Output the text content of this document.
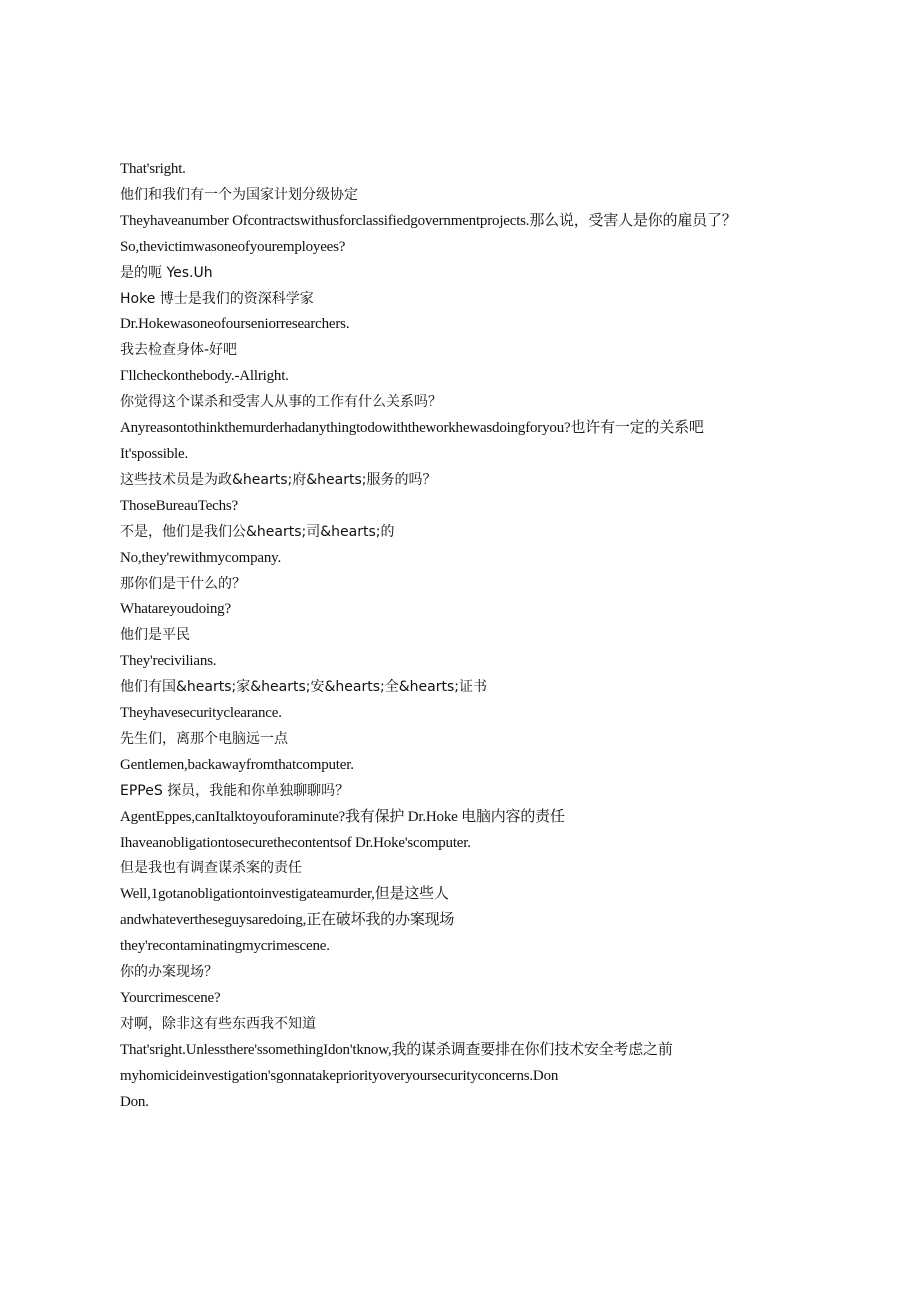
That'sright.
他们和我们有一个为国家计划分级协定
Theyhaveanumber Ofcontractswithusforclassifiedgovernmentprojects.那么说，受害人是你的雇员了？
So,thevictimwasoneofyouremployees?
是的呃 Yes.Uh
Hoke 博士是我们的资深科学家
Dr.Hokewasoneofourseniorresearchers.
我去检查身体-好吧
Γllcheckonthebody.-Allright.
你觉得这个谋杀和受害人从事的工作有什么关系吗？
Anyreasontothinkthemurderhadanythingtodowiththeworkhewasdoingforyou?也许有一定的关系吧
It'spossible.
这些技术员是为政&hearts;府&hearts;服务的吗？
ThoseBureauTechs?
不是，他们是我们公&hearts;司&hearts;的
No,they'rewithmycompany.
那你们是干什么的？
Whatareyoudoing?
他们是平民
They'recivilians.
他们有国&hearts;家&hearts;安&hearts;全&hearts;证书
Theyhavesecurityclearance.
先生们，离那个电脑远一点
Gentlemen,backawayfromthatcomputer.
EPPeS 探员，我能和你单独聊聊吗？
AgentEppes,canItalktoyouforaminute?我有保护 Dr.Hoke 电脑内容的责任
Ihaveanobligationtosecurethecontentsof Dr.Hoke'scomputer.
但是我也有调查谋杀案的责任
Well,1gotanobligationtoinvestigateamurder,但是这些人
andwhatevertheseguysaredoing,正在破坏我的办案现场
they'recontaminatingmycrimescene.
你的办案现场？
Yourcrimescene?
对啊，除非这有些东西我不知道
That'sright.Unlessthere'ssomethingIdon'tknow,我的谋杀调查要排在你们技术安全考虑之前
myhomicideinvestigation'sgonnatakepriorityoveryoursecurityconcerns.Don
Don.
